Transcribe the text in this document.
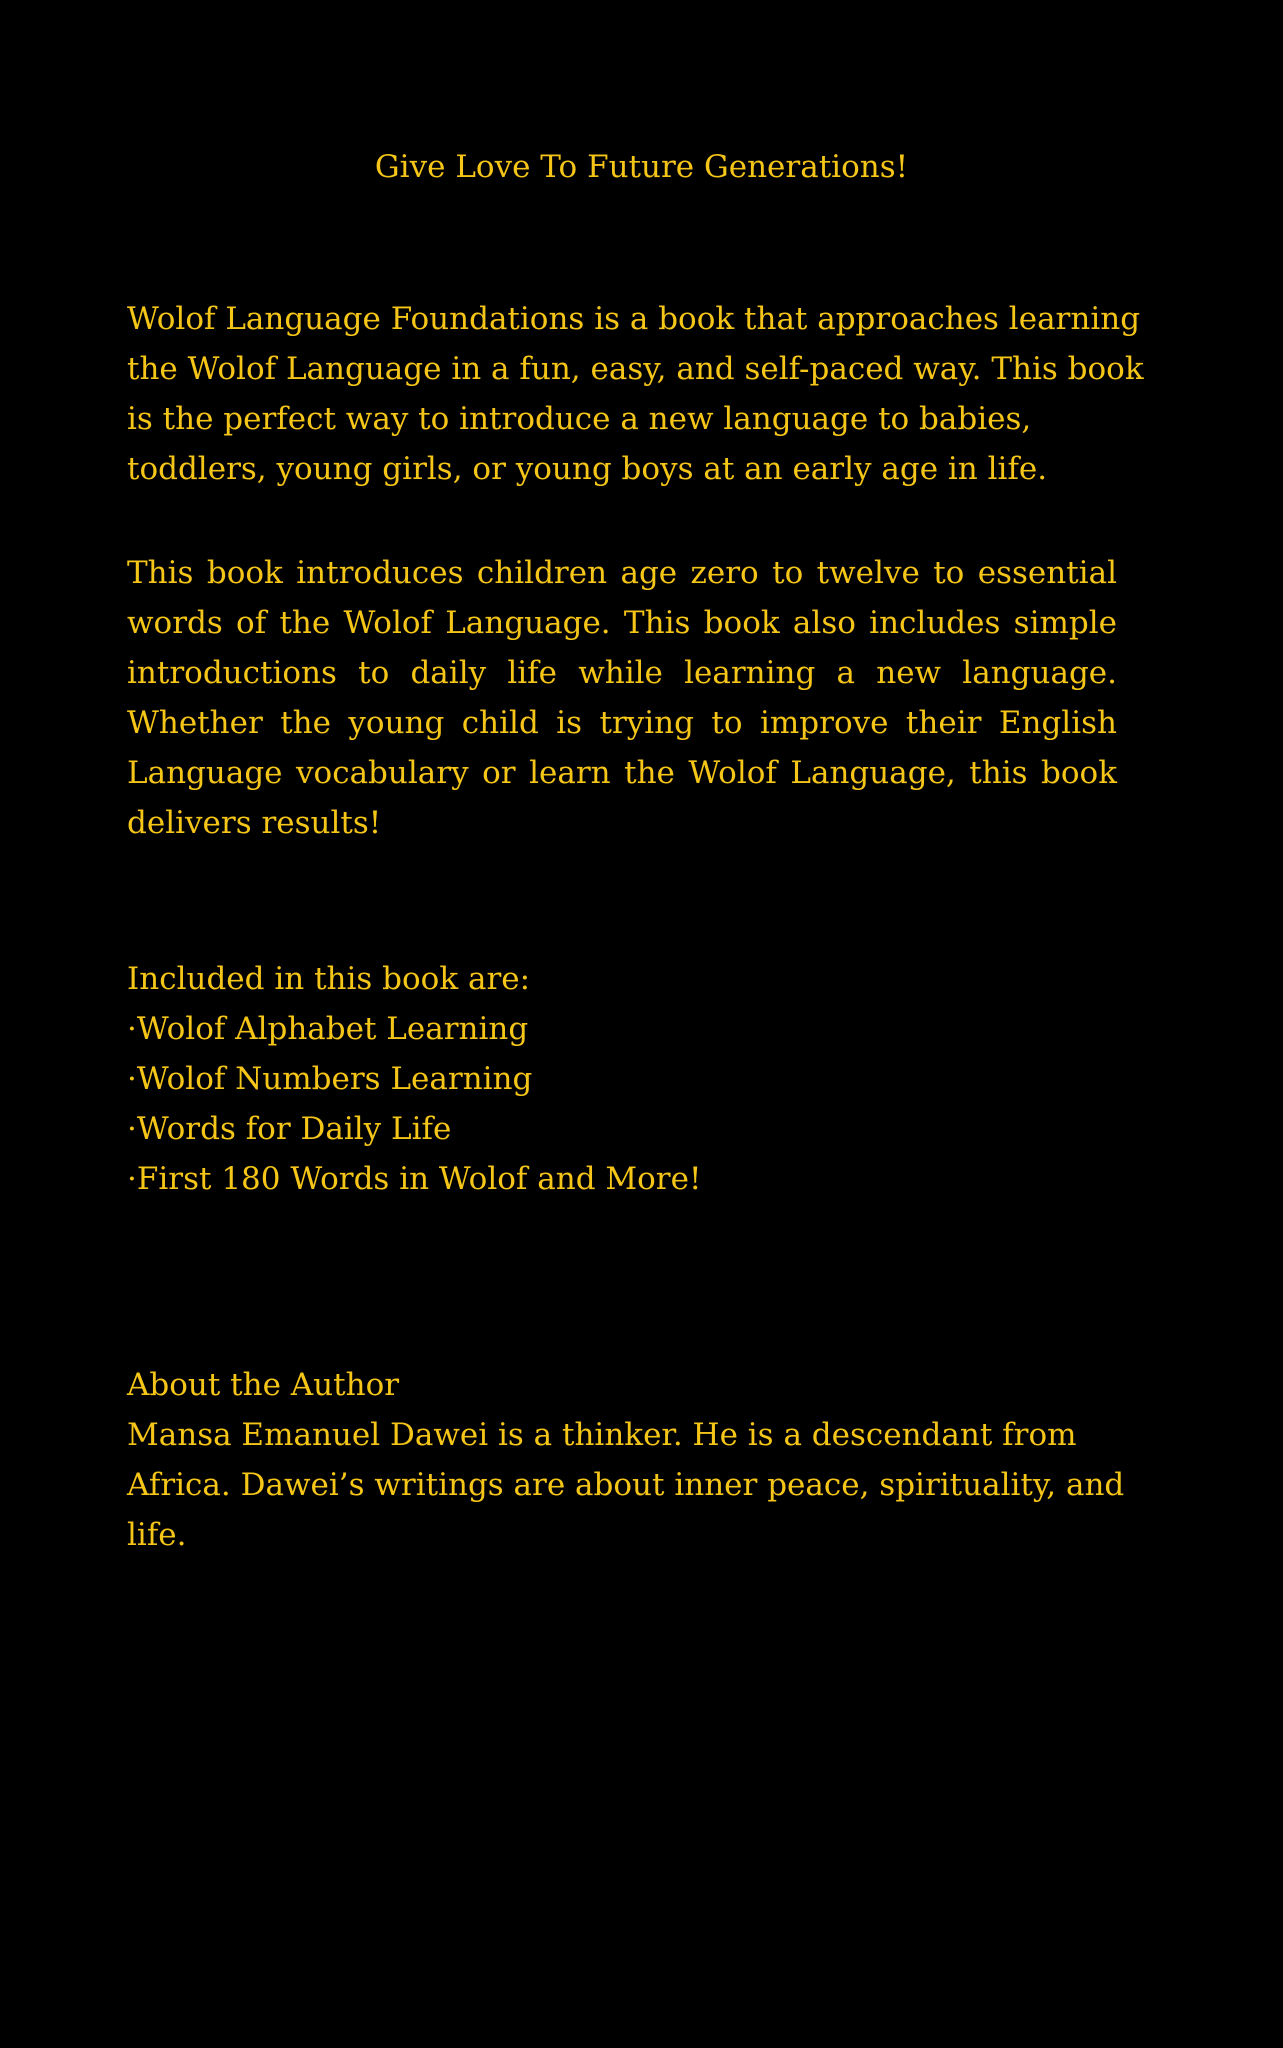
Give Love To Future Generations!

Wolof Language Foundations is a book that approaches learning the Wolof Language in a fun, easy, and self-paced way. This book is the perfect way to introduce a new language to babies, toddlers, young girls, or young boys at an early age in life.

This book introduces children age zero to twelve to essential words of the Wolof Language. This book also includes simple introductions to daily life while learning a new language. Whether the young child is trying to improve their English Language vocabulary or learn the Wolof Language, this book delivers results!

Included in this book are:
·Wolof Alphabet Learning
·Wolof Numbers Learning
·Words for Daily Life
·First 180 Words in Wolof and More!
About the Author

Mansa Emanuel Dawei is a thinker. He is a descendant from Africa. Dawei’s writings are about inner peace, spirituality, and life.
